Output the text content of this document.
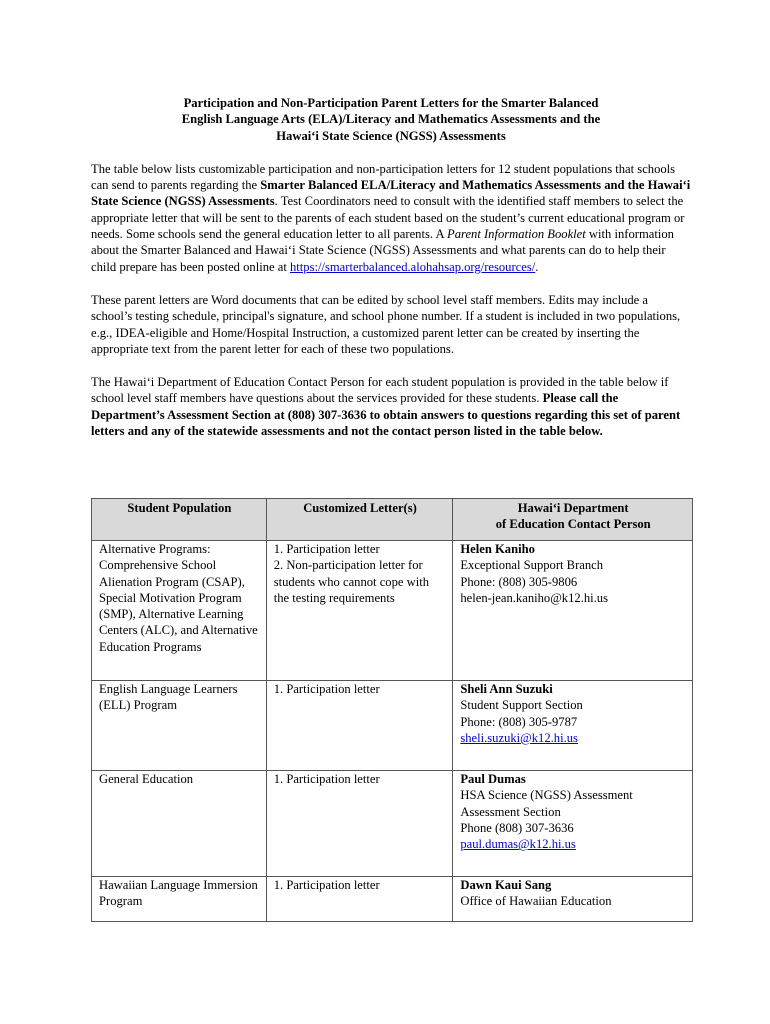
Participation and Non-Participation Parent Letters for the Smarter Balanced
English Language Arts (ELA)/Literacy and Mathematics Assessments and the
Hawai‘i State Science (NGSS) Assessments

The table below lists customizable participation and non-participation letters for 12 student populations that schools can send to parents regarding the Smarter Balanced ELA/Literacy and Mathematics Assessments and the Hawai‘i State Science (NGSS) Assessments. Test Coordinators need to consult with the identified staff members to select the appropriate letter that will be sent to the parents of each student based on the student’s current educational program or needs. Some schools send the general education letter to all parents. A Parent Information Booklet with information about the Smarter Balanced and Hawai‘i State Science (NGSS) Assessments and what parents can do to help their child prepare has been posted online at https://smarterbalanced.alohahsap.org/resources/.

These parent letters are Word documents that can be edited by school level staff members. Edits may include a school’s testing schedule, principal's signature, and school phone number. If a student is included in two populations, e.g., IDEA-eligible and Home/Hospital Instruction, a customized parent letter can be created by inserting the appropriate text from the parent letter for each of these two populations.

The Hawai‘i Department of Education Contact Person for each student population is provided in the table below if school level staff members have questions about the services provided for these students. Please call the Department’s Assessment Section at (808) 307-3636 to obtain answers to questions regarding this set of parent letters and any of the statewide assessments and not the contact person listed in the table below.

Student Population	Customized Letter(s)	Hawai‘i Department
of Education Contact Person

Alternative Programs: Comprehensive School Alienation Program (CSAP), Special Motivation Program (SMP), Alternative Learning Centers (ALC), and Alternative Education Programs	1. Participation letter
2. Non-participation letter for students who cannot cope with the testing requirements	Helen Kaniho
Exceptional Support Branch
Phone: (808) 305-9806
helen-jean.kaniho@k12.hi.us

English Language Learners (ELL) Program	1. Participation letter	Sheli Ann Suzuki
Student Support Section
Phone: (808) 305-9787
sheli.suzuki@k12.hi.us

General Education	1. Participation letter	Paul Dumas
HSA Science (NGSS) Assessment
Assessment Section
Phone (808) 307-3636
paul.dumas@k12.hi.us

Hawaiian Language Immersion Program	1. Participation letter	Dawn Kaui Sang
Office of Hawaiian Education
